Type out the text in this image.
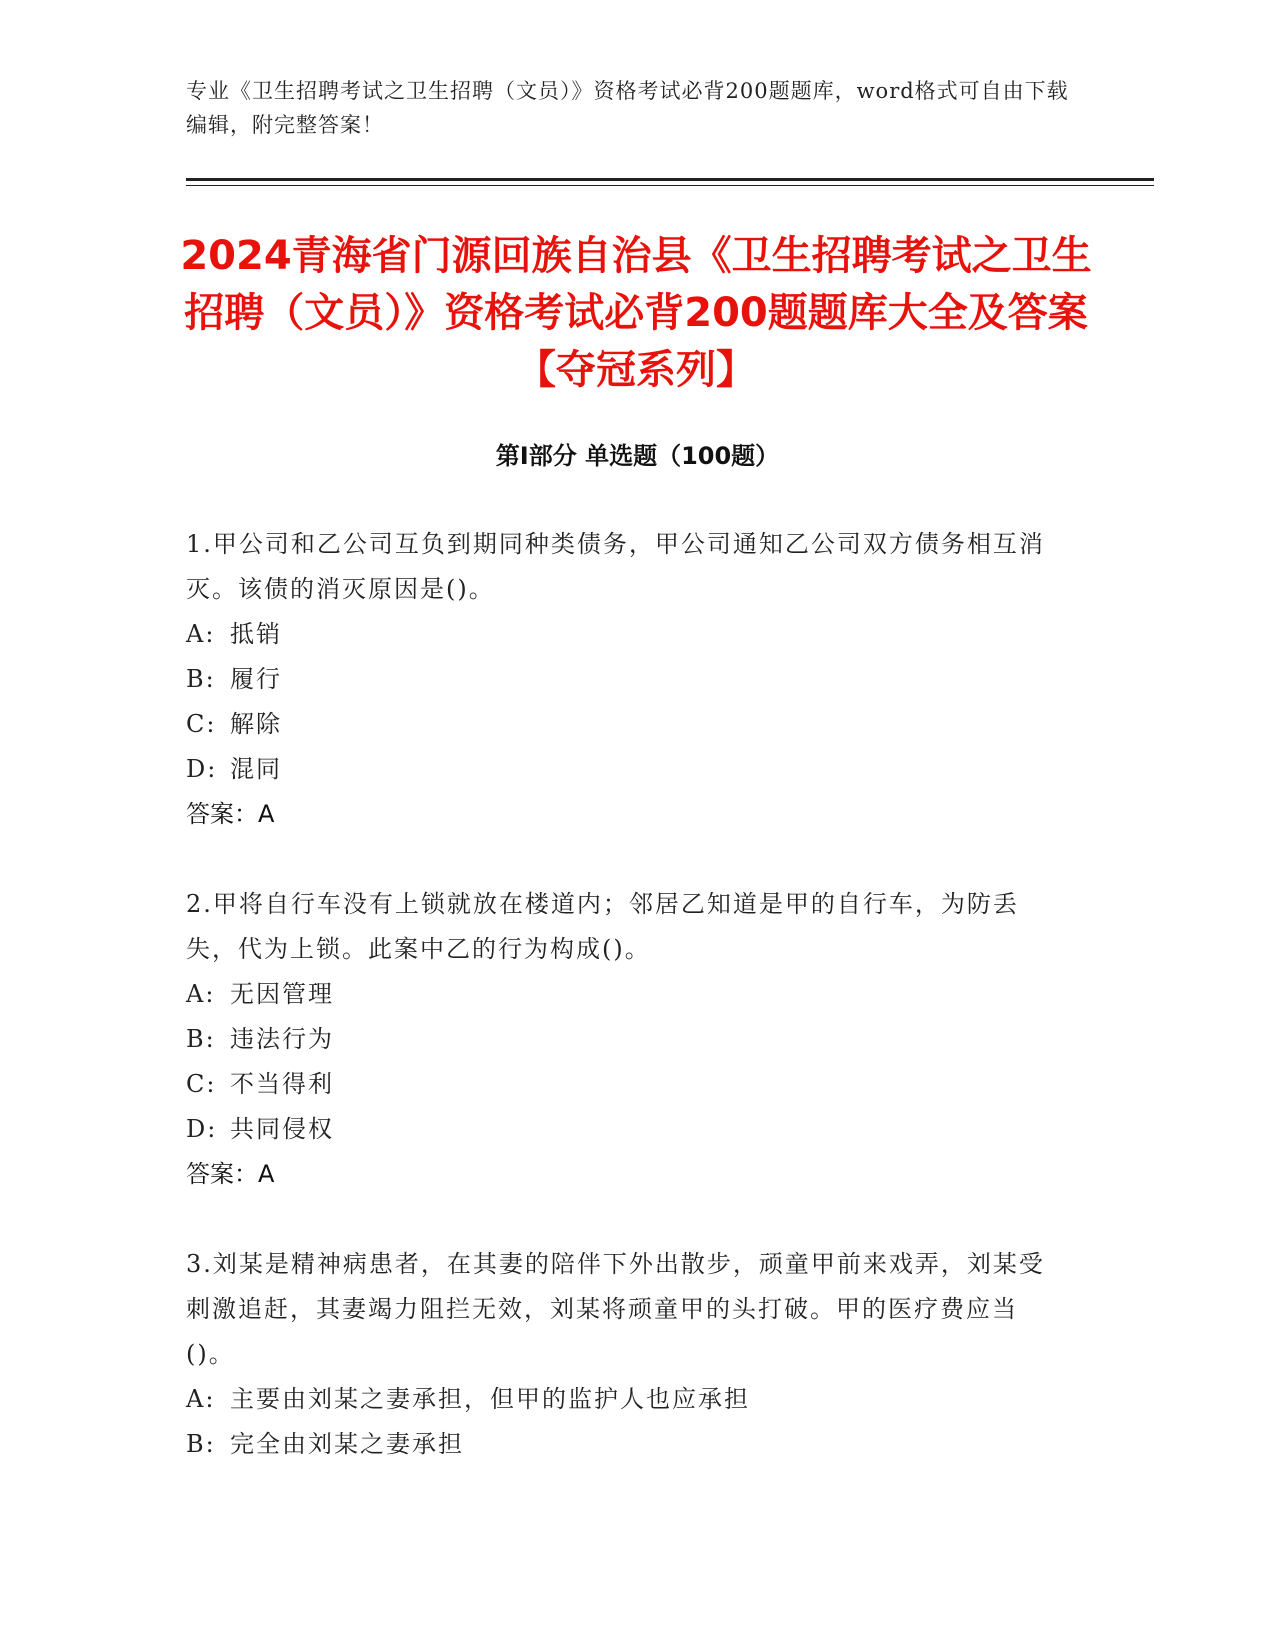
专业《卫生招聘考试之卫生招聘（文员）》资格考试必背200题题库，word格式可自由下载编辑，附完整答案！
2024青海省门源回族自治县《卫生招聘考试之卫生招聘（文员）》资格考试必背200题题库大全及答案【夺冠系列】
第Ⅰ部分 单选题（100题）
1.甲公司和乙公司互负到期同种类债务，甲公司通知乙公司双方债务相互消灭。该债的消灭原因是()。
A: 抵销
B: 履行
C: 解除
D: 混同
答案：A
2.甲将自行车没有上锁就放在楼道内；邻居乙知道是甲的自行车，为防丢失，代为上锁。此案中乙的行为构成()。
A: 无因管理
B: 违法行为
C: 不当得利
D: 共同侵权
答案：A
3.刘某是精神病患者，在其妻的陪伴下外出散步，顽童甲前来戏弄，刘某受刺激追赶，其妻竭力阻拦无效，刘某将顽童甲的头打破。甲的医疗费应当()。
A: 主要由刘某之妻承担，但甲的监护人也应承担
B: 完全由刘某之妻承担
